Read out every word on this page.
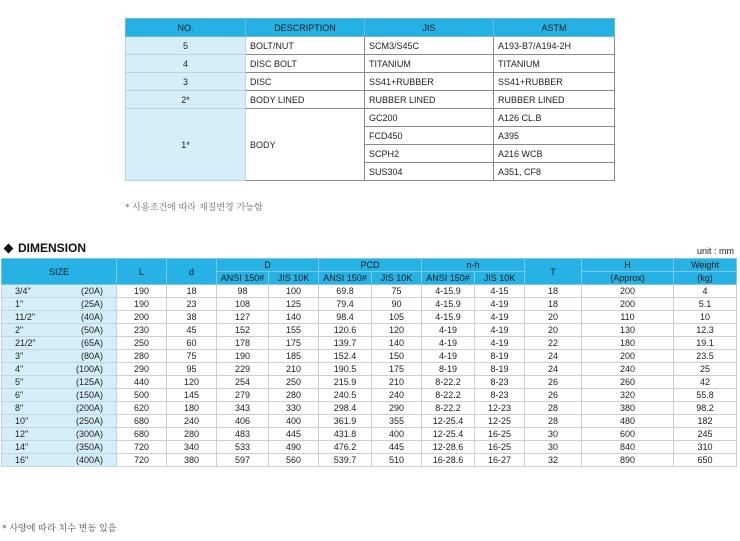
NO.	DESCRIPTION	JIS	ASTM
5	BOLT/NUT	SCM3/S45C	A193-B7/A194-2H
4	DISC BOLT	TITANIUM	TITANIUM
3	DISC	SS41+RUBBER	SS41+RUBBER
2*	BODY LINED	RUBBER LINED	RUBBER LINED
1*	BODY	GC200	A126 CL.B
		FCD450	A395
		SCPH2	A216 WCB
		SUS304	A351, CF8
* 사용조건에 따라 재질변경 가능함
DIMENSION	unit : mm
SIZE	L	d	D		PCD		n-h		T	H	Weight
			ANSI 150#	JIS 10K	ANSI 150#	JIS 10K	ANSI 150#	JIS 10K		(Approx)	(kg)
3/4" (20A)	190	18	98	100	69.8	75	4-15.9	4-15	18	200	4
1" (25A)	190	23	108	125	79.4	90	4-15.9	4-19	18	200	5.1
11/2" (40A)	200	38	127	140	98.4	105	4-15.9	4-19	20	110	10
2" (50A)	230	45	152	155	120.6	120	4-19	4-19	20	130	12.3
21/2" (65A)	250	60	178	175	139.7	140	4-19	4-19	22	180	19.1
3" (80A)	280	75	190	185	152.4	150	4-19	8-19	24	200	23.5
4" (100A)	290	95	229	210	190.5	175	8-19	8-19	24	240	25
5" (125A)	440	120	254	250	215.9	210	8-22.2	8-23	26	260	42
6" (150A)	500	145	279	280	240.5	240	8-22.2	8-23	26	320	55.8
8" (200A)	620	180	343	330	298.4	290	8-22.2	12-23	28	380	98.2
10" (250A)	680	240	406	400	361.9	355	12-25.4	12-25	28	480	182
12" (300A)	680	280	483	445	431.8	400	12-25.4	16-25	30	600	245
14" (350A)	720	340	533	490	476.2	445	12-28.6	16-25	30	840	310
16" (400A)	720	380	597	560	539.7	510	16-28.6	16-27	32	890	650
* 사양에 따라 치수 변동 있음
